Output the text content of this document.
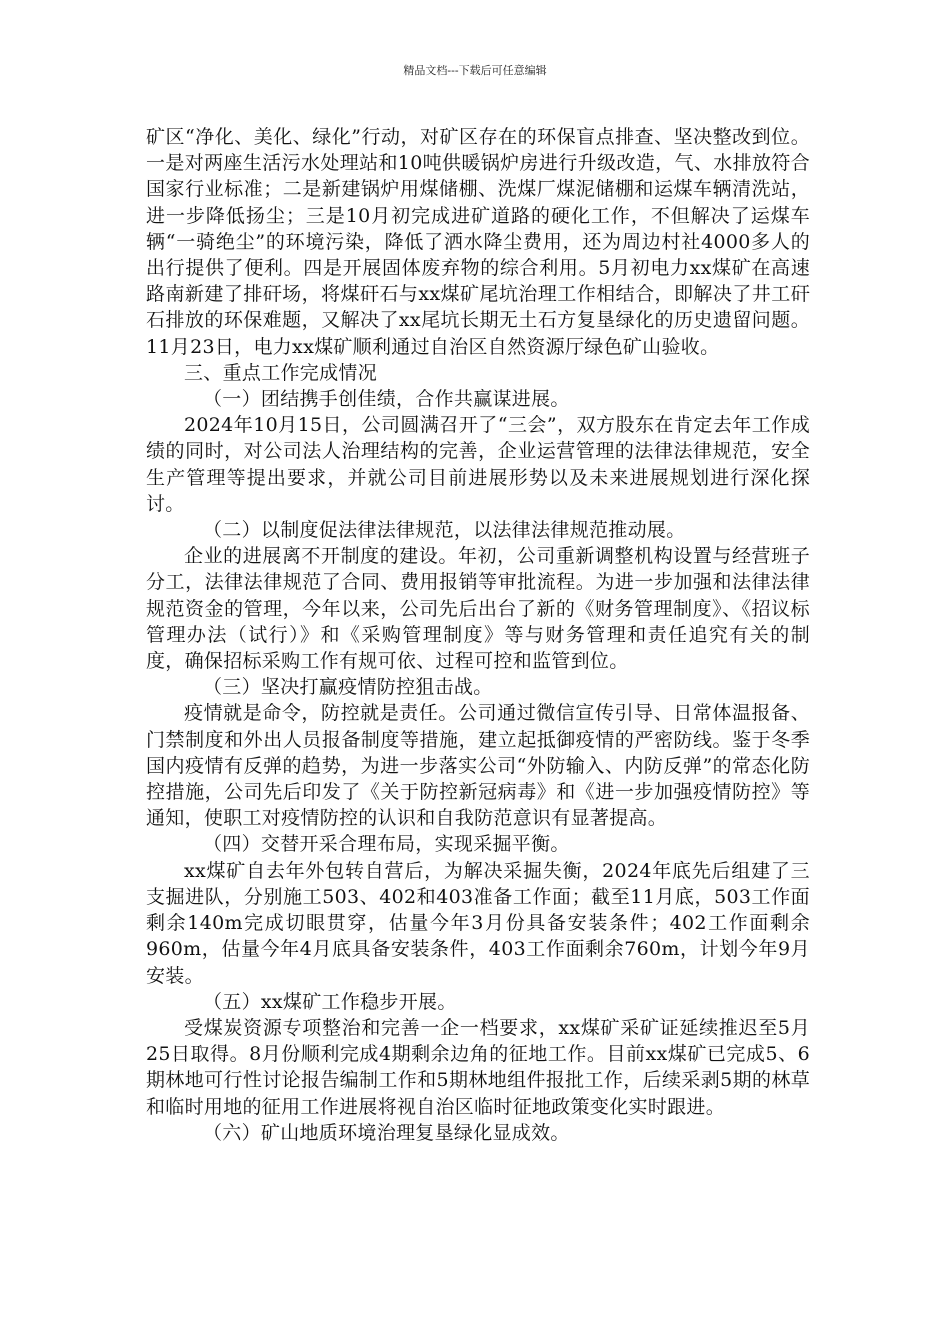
精品文档---下载后可任意编辑

矿区“净化、美化、绿化”行动，对矿区存在的环保盲点排查、坚决整改到位。一是对两座生活污水处理站和10吨供暖锅炉房进行升级改造，气、水排放符合国家行业标准；二是新建锅炉用煤储棚、洗煤厂煤泥储棚和运煤车辆清洗站，进一步降低扬尘；三是10月初完成进矿道路的硬化工作，不但解决了运煤车辆“一骑绝尘”的环境污染，降低了洒水降尘费用，还为周边村社4000多人的出行提供了便利。四是开展固体废弃物的综合利用。5月初电力xx煤矿在高速路南新建了排矸场，将煤矸石与xx煤矿尾坑治理工作相结合，即解决了井工矸石排放的环保难题，又解决了xx尾坑长期无土石方复垦绿化的历史遗留问题。11月23日，电力xx煤矿顺利通过自治区自然资源厅绿色矿山验收。

三、重点工作完成情况

（一）团结携手创佳绩，合作共赢谋进展。

2024年10月15日，公司圆满召开了“三会”，双方股东在肯定去年工作成绩的同时，对公司法人治理结构的完善，企业运营管理的法律法律规范，安全生产管理等提出要求，并就公司目前进展形势以及未来进展规划进行深化探讨。

（二）以制度促法律法律规范，以法律法律规范推动展。

企业的进展离不开制度的建设。年初，公司重新调整机构设置与经营班子分工，法律法律规范了合同、费用报销等审批流程。为进一步加强和法律法律规范资金的管理，今年以来，公司先后出台了新的《财务管理制度》、《招议标管理办法（试行）》和《采购管理制度》等与财务管理和责任追究有关的制度，确保招标采购工作有规可依、过程可控和监管到位。

（三）坚决打赢疫情防控狙击战。

疫情就是命令，防控就是责任。公司通过微信宣传引导、日常体温报备、门禁制度和外出人员报备制度等措施，建立起抵御疫情的严密防线。鉴于冬季国内疫情有反弹的趋势，为进一步落实公司“外防输入、内防反弹”的常态化防控措施，公司先后印发了《关于防控新冠病毒》和《进一步加强疫情防控》等通知，使职工对疫情防控的认识和自我防范意识有显著提高。

（四）交替开采合理布局，实现采掘平衡。

xx煤矿自去年外包转自营后，为解决采掘失衡，2024年底先后组建了三支掘进队，分别施工503、402和403准备工作面；截至11月底，503工作面剩余140m完成切眼贯穿，估量今年3月份具备安装条件；402工作面剩余960m，估量今年4月底具备安装条件，403工作面剩余760m，计划今年9月安装。

（五）xx煤矿工作稳步开展。

受煤炭资源专项整治和完善一企一档要求，xx煤矿采矿证延续推迟至5月25日取得。8月份顺利完成4期剩余边角的征地工作。目前xx煤矿已完成5、6期林地可行性讨论报告编制工作和5期林地组件报批工作，后续采剥5期的林草和临时用地的征用工作进展将视自治区临时征地政策变化实时跟进。

（六）矿山地质环境治理复垦绿化显成效。
